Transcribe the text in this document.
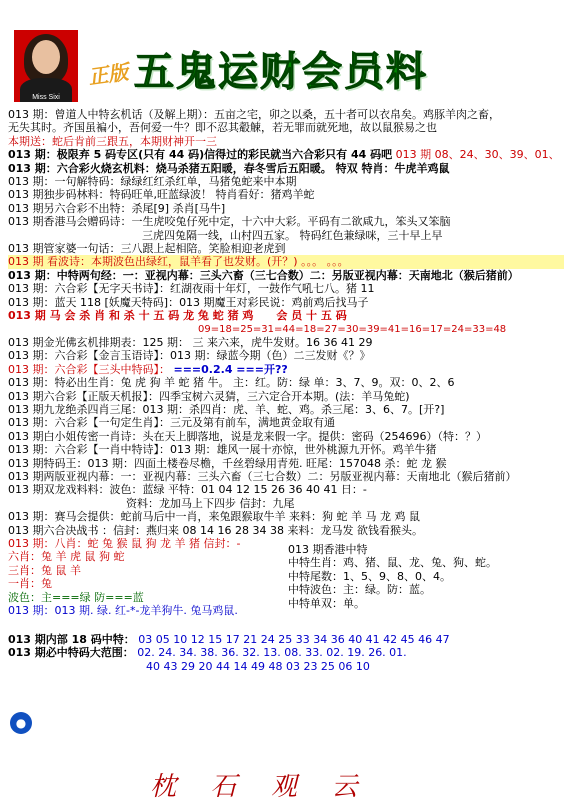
Miss Sixi
正版 五鬼运财会员料
013 期：曾道人中特玄机话（及解上期）：五亩之宅，卯之以桑，五十者可以衣帛矣。鸡豚羊肉之畜，
无失其时。齐国虽褊小，吾何爱一牛？即不忍其觳觫，若无罪而就死地，故以鼠猴易之也
本期送：蛇后肯前三跟五，本期财神开一三
013 期：极限弃 5 码专区(只有 44 码)信得过的彩民就当六合彩只有 44 码吧 013 期 08、24、30、39、01、
013 期：六合彩火烧玄机料：烧马杀猪五阳暖，春冬雪后五阳暖。 特双 特肖：牛虎羊鸡鼠
013 期：一句解特码：绿绿红红杀红单，马猪兔蛇来中本期
013 期独步码林料：特码旺单,旺蓝绿波！ 特肖看好：猪鸡羊蛇
013 期另六合彩不出特：杀尾[9] 杀肖[马牛]
013 期香港马会赠码诗：一生虎咬兔仔死中定，十六中大彩。平码有二欲咸九，笨头又笨脑
三虎四兔隔一线，山村四五家。 特码红色兼绿咪，三十早上早
013 期管家婆一句话：三八跟上起相陪。笑脸相迎老虎到
013 期 看波诗：本期波色出绿红，鼠羊看了也发财。(开？) 。。。 。。。
013 期：中特两句经：一：亚视内幕：三头六畜（三七合数）二：另版亚视内幕：天南地北（猴后猪前）
013 期：六合彩【无字天书诗】：红湖夜雨十年灯，一鼓作气吼七八。猪 11
013 期：蓝天 118 [妖魔天特码]：013 期魔王对彩民说：鸡前鸡后找马子
013 期 马 会 杀 肖 和 杀 十 五 码 龙 兔 蛇 猪 鸡 会 员 十 五 码
09=18=25=31=44=18=27=30=39=41=16=17=24=33=48
013 期金光佛玄机排期表：125 期： 三 来六来，虎牛发财。16 36 41 29
013 期：六合彩【金言玉语诗】：013 期：绿蓝今期（色）二三发财《？》
013 期：六合彩【三头中特码】： ===0.2.4 ===开??
013 期：特必出生肖：兔 虎 狗 羊 蛇 猪 牛。 主：红。防：绿 单：3、7、9。双：0、2、6
013 期六合彩【正版天机报】：四季宝树六灵猜，三六定合开本期。(法：羊马兔蛇)
013 期九龙绝杀四肖三尾：013 期：杀四肖：虎、羊、蛇、鸡。杀三尾：3、6、7。[开?]
013 期：六合彩【一句定生肖】：三元及第有前车，满地黄金取有通
013 期白小姐传密一肖诗：头在天上脚落地，说是龙来假一字。提供：密码（254696）（特：？）
013 期：六合彩【一肖中特诗】：013 期：雄风一展十亦惊，世外桃源九开怀。鸡羊牛猪
013 期特码王：013 期：四面土楼卷尽檐，千丝碧绿用青苑. 旺尾：157048 杀：蛇 龙 猴
013 期两版亚视内幕：一：亚视内幕：三头六畜（三七合数）二：另版亚视内幕：天南地北（猴后猪前）
013 期双龙戏料料：波色：蓝绿 平特：01 04 12 15 26 36 40 41 日：-
资料：龙加马上下四步 信封：九尾
013 期：赛马会提供：蛇前马后中一肖，来兔跟猴取牛羊 来料：狗 蛇 羊 马 龙 鸡 鼠
013 期六合决战书 ：信封：燕归来 08 14 16 28 34 38 来料：龙马发 欲钱看猴头。
013 期：八肖：蛇 兔 猴 鼠 狗 龙 羊 猪 信封：-
六肖：兔 羊 虎 鼠 狗 蛇
三肖：兔 鼠 羊
一肖：兔
波色：主===绿 防===蓝
013 期：013 期. 绿. 红-*-龙羊狗牛. 兔马鸡鼠.
013 期香港中特
中特生肖：鸡、猪、鼠、龙、兔、狗、蛇。
中特尾数：1、5、9、8、0、4。
中特波色：主：绿。防：蓝。
中特单双：单。
013 期内部 18 码中特： 03 05 10 12 15 17 21 24 25 33 34 36 40 41 42 45 46 47
013 期必中特码大范围： 02. 24. 34. 38. 36. 32. 13. 08. 33. 02. 19. 26. 01.
40 43 29 20 44 14 49 48 03 23 25 06 10
●
枕 石 观 云
